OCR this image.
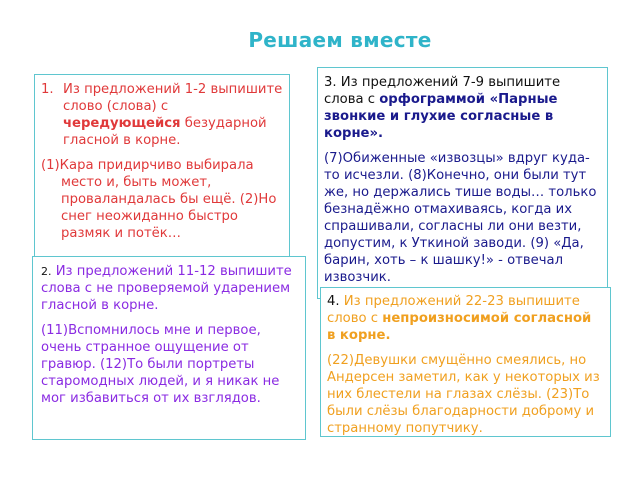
Решаем вместе
1. Из предложений 1-2 выпишите слово (слова) с чередующейся безударной гласной в корне.

(1)Кара придирчиво выбирала место и, быть может, проваландалась бы ещё. (2)Но снег неожиданно быстро размяк и потёк…

3. Из предложений 7-9 выпишите слова с орфограммой «Парные звонкие и глухие согласные в корне».

(7)Обиженные «извозцы» вдруг куда-то исчезли. (8)Конечно, они были тут же, но держались тише воды… только безнадёжно отмахиваясь, когда их спрашивали, согласны ли они везти, допустим, к Уткиной заводи. (9) «Да, барин, хоть – к шашку!» - отвечал извозчик.

2. Из предложений 11-12 выпишите слова с не проверяемой ударением гласной в корне.

(11)Вспомнилось мне и первое, очень странное ощущение от гравюр. (12)То были портреты старомодных людей, и я никак не мог избавиться от их взглядов.

4. Из предложений 22-23 выпишите слово с непроизносимой согласной в корне.

(22)Девушки смущённо смеялись, но Андерсен заметил, как у некоторых из них блестели на глазах слёзы. (23)То были слёзы благодарности доброму и странному попутчику.
